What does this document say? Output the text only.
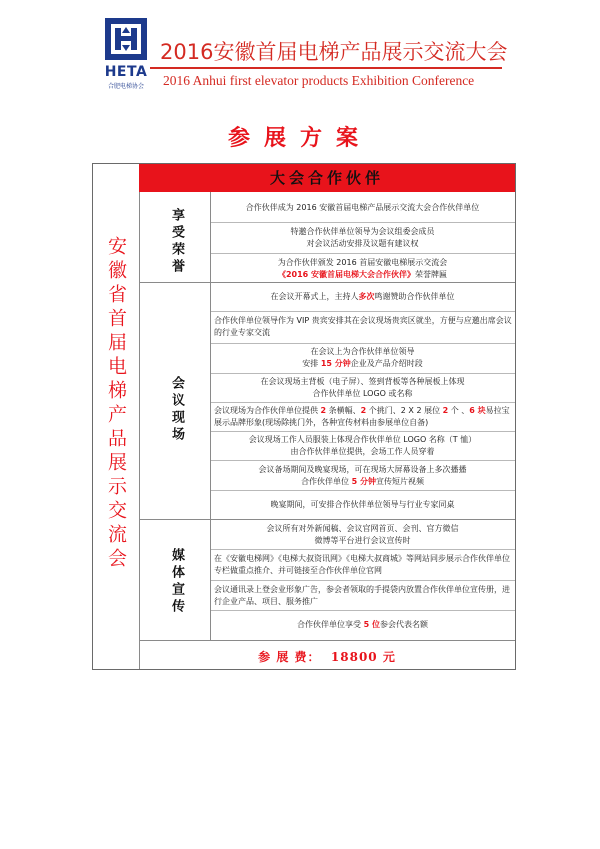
HETA
合肥电梯协会
2016安徽首届电梯产品展示交流大会
2016 Anhui first elevator products Exhibition Conference
参展方案
大会合作伙伴
安徽省首届电梯产品展示交流会	享受荣誉
会议现场
媒体宣传
合作伙伴成为 2016 安徽首届电梯产品展示交流大会合作伙伴单位
特邀合作伙伴单位领导为会议组委会成员
对会议活动安排及议题有建议权
为合作伙伴颁发 2016 首届安徽电梯展示交流会
《2016 安徽首届电梯大会合作伙伴》荣誉牌匾
在会议开幕式上，主持人多次鸣谢赞助合作伙伴单位
合作伙伴单位领导作为 VIP 贵宾安排其在会议现场贵宾区就坐，方便与应邀出席会议的行业专家交流
在会议上为合作伙伴单位领导
安排 15 分钟企业及产品介绍时段
在会议现场主背板（电子屏）、签到背板等各种展板上体现
合作伙伴单位 LOGO 或名称
会议现场为合作伙伴单位提供 2 条横幅、2 个挑门、2 X 2 展位 2 个 、6 块易拉宝展示品牌形象(现场除挑门外，各种宣传材料由参展单位自备)
会议现场工作人员服装上体现合作伙伴单位 LOGO 名称（T 恤）
由合作伙伴单位提供，会场工作人员穿着
会议备场期间及晚宴现场，可在现场大屏幕设备上多次播播
合作伙伴单位 5 分钟宣传短片视频
晚宴期间，可安排合作伙伴单位领导与行业专家同桌
会议所有对外新闻稿、会议官网首页、会刊、官方微信
微博等平台进行会议宣传时
在《安徽电梯网》《电梯大叔资讯网》《电梯大叔商城》等网站同步展示合作伙伴单位专栏做重点推介、并可链接至合作伙伴单位官网
会议通讯录上登会业形象广告，参会者领取的手提袋内放置合作伙伴单位宣传册，进行企业产品、项目、服务推广
合作伙伴单位享受 5 位参会代表名额
参 展 费： 18800 元
